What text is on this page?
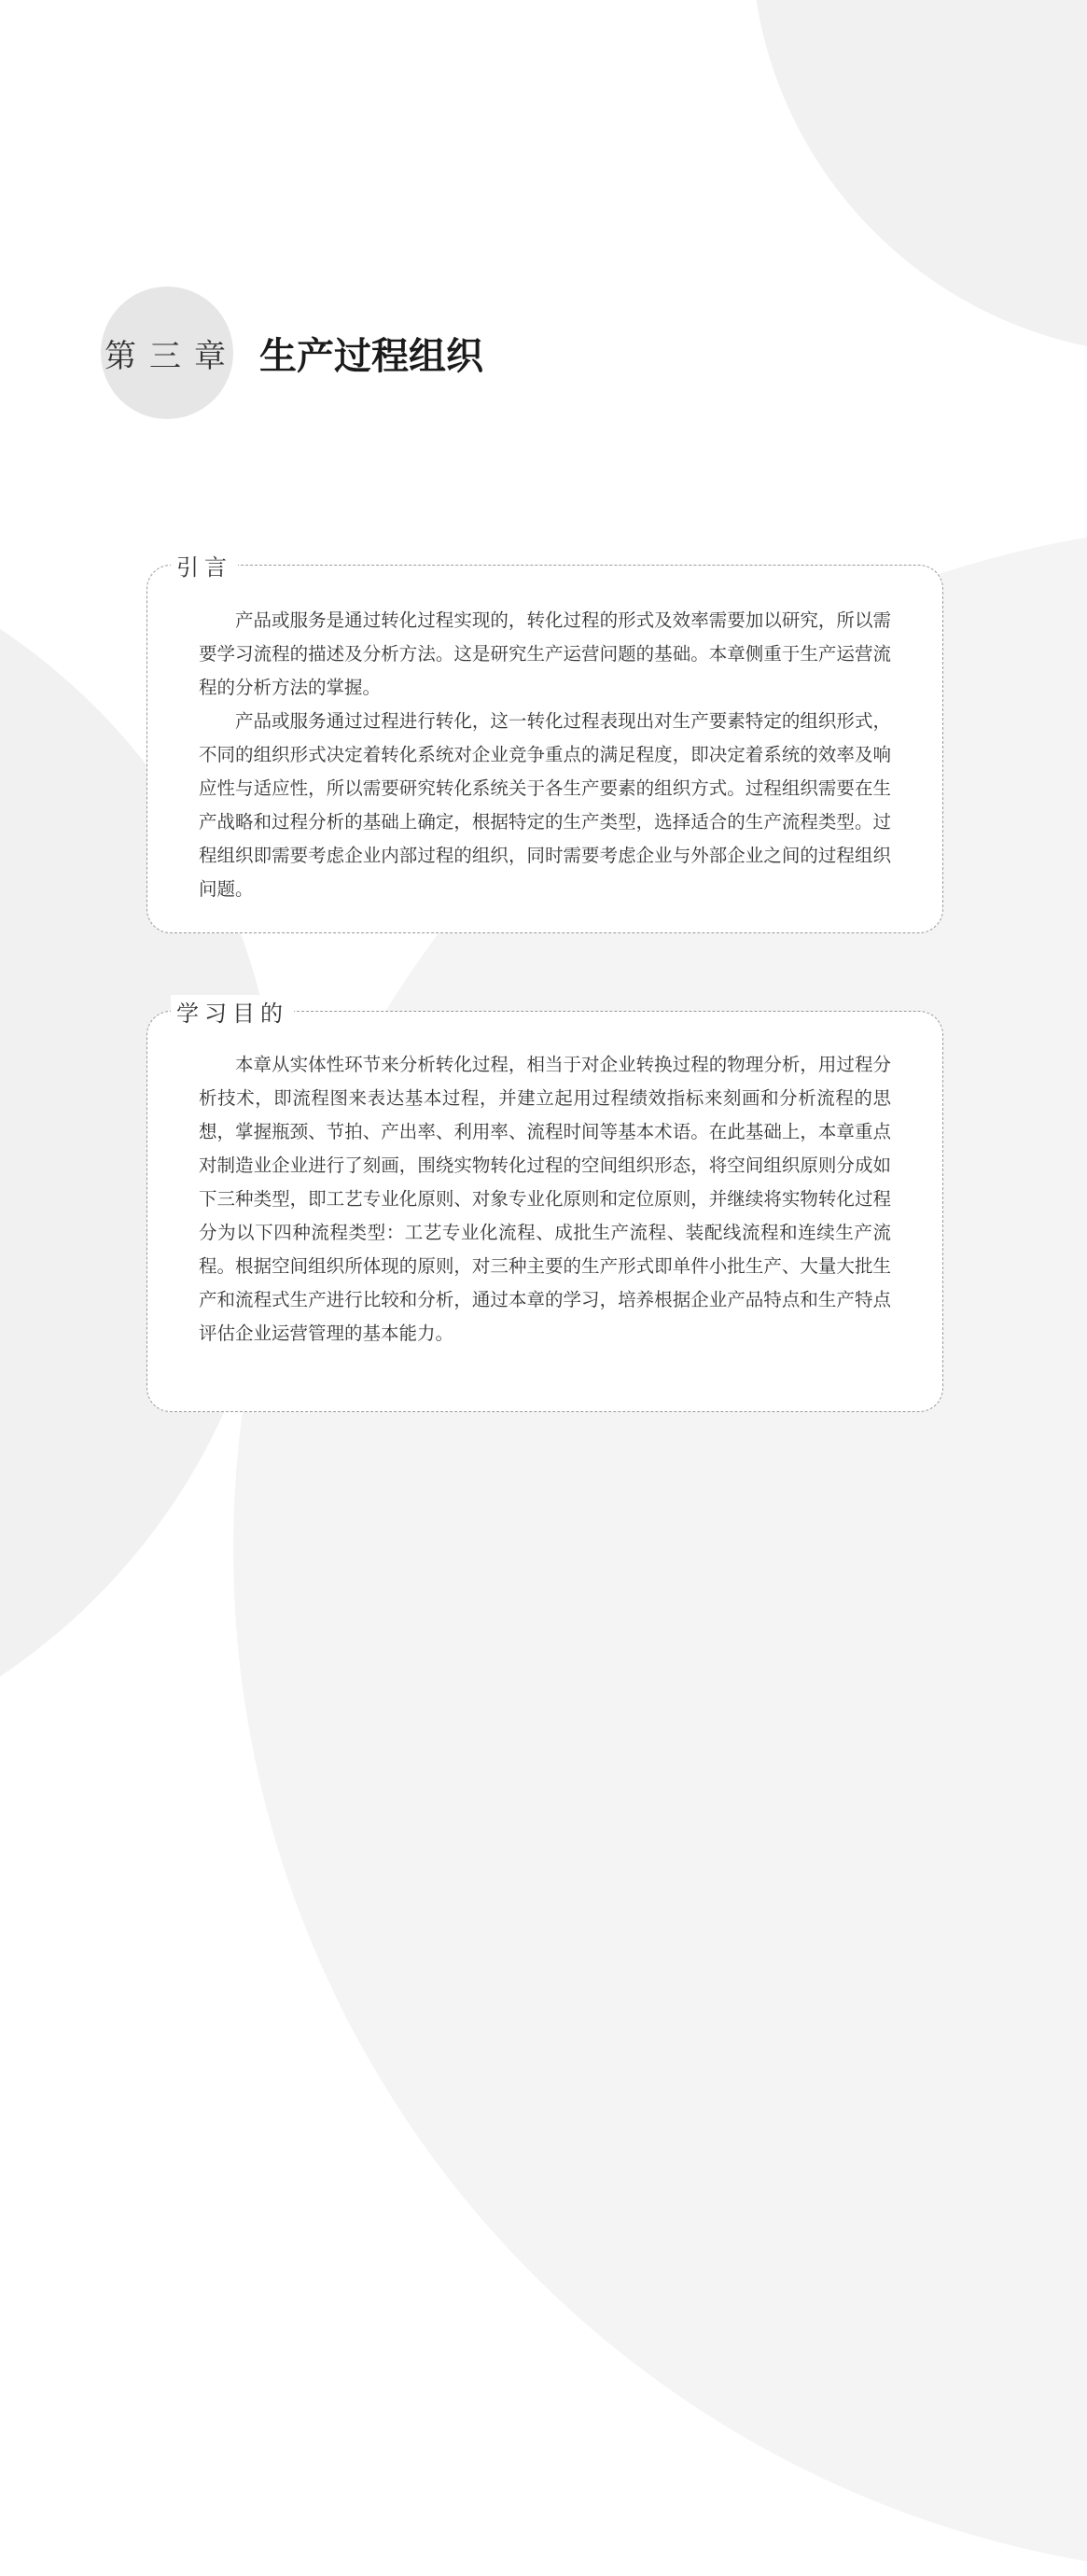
第三章 生产过程组织
引言

产品或服务是通过转化过程实现的，转化过程的形式及效率需要加以研究，所以需要学习流程的描述及分析方法。这是研究生产运营问题的基础。本章侧重于生产运营流程的分析方法的掌握。

产品或服务通过过程进行转化，这一转化过程表现出对生产要素特定的组织形式，不同的组织形式决定着转化系统对企业竞争重点的满足程度，即决定着系统的效率及响应性与适应性，所以需要研究转化系统关于各生产要素的组织方式。过程组织需要在生产战略和过程分析的基础上确定，根据特定的生产类型，选择适合的生产流程类型。过程组织即需要考虑企业内部过程的组织，同时需要考虑企业与外部企业之间的过程组织问题。

学习目的

本章从实体性环节来分析转化过程，相当于对企业转换过程的物理分析，用过程分析技术，即流程图来表达基本过程，并建立起用过程绩效指标来刻画和分析流程的思想，掌握瓶颈、节拍、产出率、利用率、流程时间等基本术语。在此基础上，本章重点对制造业企业进行了刻画，围绕实物转化过程的空间组织形态，将空间组织原则分成如下三种类型，即工艺专业化原则、对象专业化原则和定位原则，并继续将实物转化过程分为以下四种流程类型：工艺专业化流程、成批生产流程、装配线流程和连续生产流程。根据空间组织所体现的原则，对三种主要的生产形式即单件小批生产、大量大批生产和流程式生产进行比较和分析，通过本章的学习，培养根据企业产品特点和生产特点评估企业运营管理的基本能力。
